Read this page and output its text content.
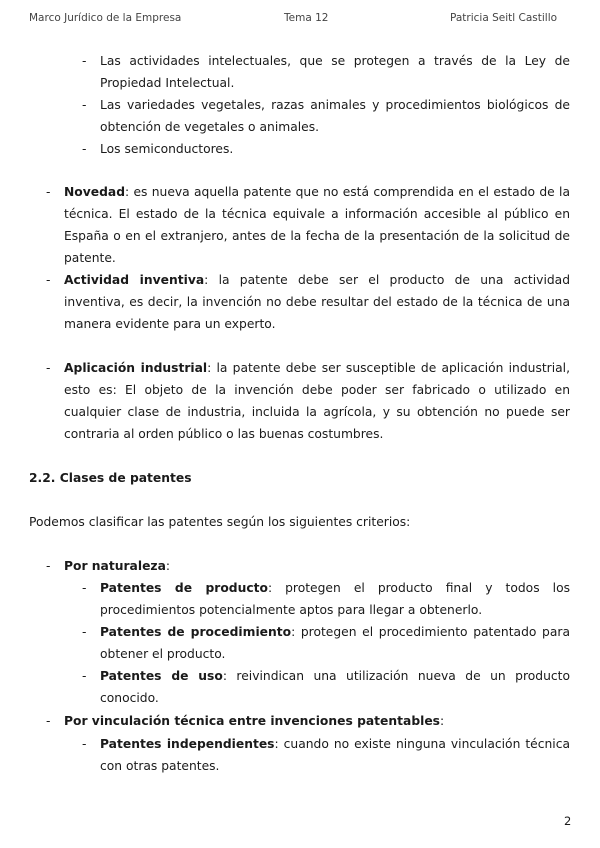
Marco Jurídico de la Empresa	Tema 12	Patricia Seitl Castillo
- Las actividades intelectuales, que se protegen a través de la Ley de Propiedad Intelectual.
- Las variedades vegetales, razas animales y procedimientos biológicos de obtención de vegetales o animales.
- Los semiconductores.
- Novedad: es nueva aquella patente que no está comprendida en el estado de la técnica. El estado de la técnica equivale a información accesible al público en España o en el extranjero, antes de la fecha de la presentación de la solicitud de patente.
- Actividad inventiva: la patente debe ser el producto de una actividad inventiva, es decir, la invención no debe resultar del estado de la técnica de una manera evidente para un experto.
- Aplicación industrial: la patente debe ser susceptible de aplicación industrial, esto es: El objeto de la invención debe poder ser fabricado o utilizado en cualquier clase de industria, incluida la agrícola, y su obtención no puede ser contraria al orden público o las buenas costumbres.
2.2. Clases de patentes
Podemos clasificar las patentes según los siguientes criterios:
- Por naturaleza:
- Patentes de producto: protegen el producto final y todos los procedimientos potencialmente aptos para llegar a obtenerlo.
- Patentes de procedimiento: protegen el procedimiento patentado para obtener el producto.
- Patentes de uso: reivindican una utilización nueva de un producto conocido.
- Por vinculación técnica entre invenciones patentables:
- Patentes independientes: cuando no existe ninguna vinculación técnica con otras patentes.
2
